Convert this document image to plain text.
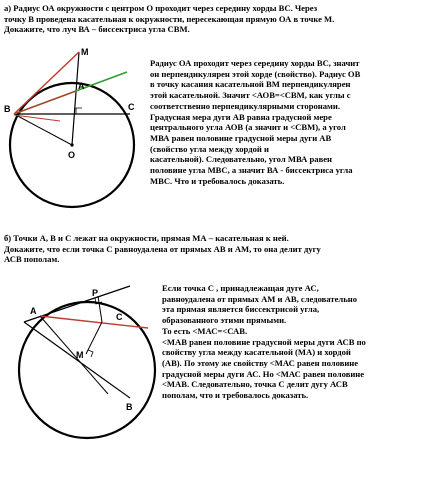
а) Радиус ОА окружности с центром О проходит через середину хорды ВС. Через
точку В проведена касательная к окружности, пересекающая прямую ОА в точке М.
Докажите, что луч ВА – биссектриса угла СВМ.
M
A
B	C
O
Радиус ОА проходит через середину хорды ВС, значит
он перпендикулярен этой хорде (свойство). Радиус ОВ
в точку касания касательной ВМ перпендикулярен
этой касательной. Значит <АОВ=<СВМ, как углы с
соответственно перпендикулярными сторонами.
Градусная мера дуги АВ равна градусной мере
центрального угла АОВ (а значит и <СВМ), а угол
МВА равен половине градусной меры дуги АВ
(свойство угла между хордой и
касательной). Следовательно, угол МВА равен
половине угла МВС, а значит ВА - биссектриса угла
МВС. Что и требовалось доказать.
б) Точки А, В и С лежат на окружности, прямая МА – касательная к ней.
Докажите, что если точка С равноудалена от прямых АВ и АМ, то она делит дугу
АСВ пополам.
A
P
C
M
B
Если точка С , принадлежащая дуге АС,
равноудалена от прямых АМ и АВ, следовательно
эта прямая является биссектрисой угла,
образованного этими прямыми.
То есть <МАС=<САВ.
<МАВ равен половине градусной меры дуги АСВ по
свойству угла между касательной (МА) и хордой
(АВ). По этому же свойству <МАС равен половине
градусной меры дуги АС. Но <МАС равен половине
<МАВ. Следовательно, точка С делит дугу АСВ
пополам, что и требовалось доказать.
